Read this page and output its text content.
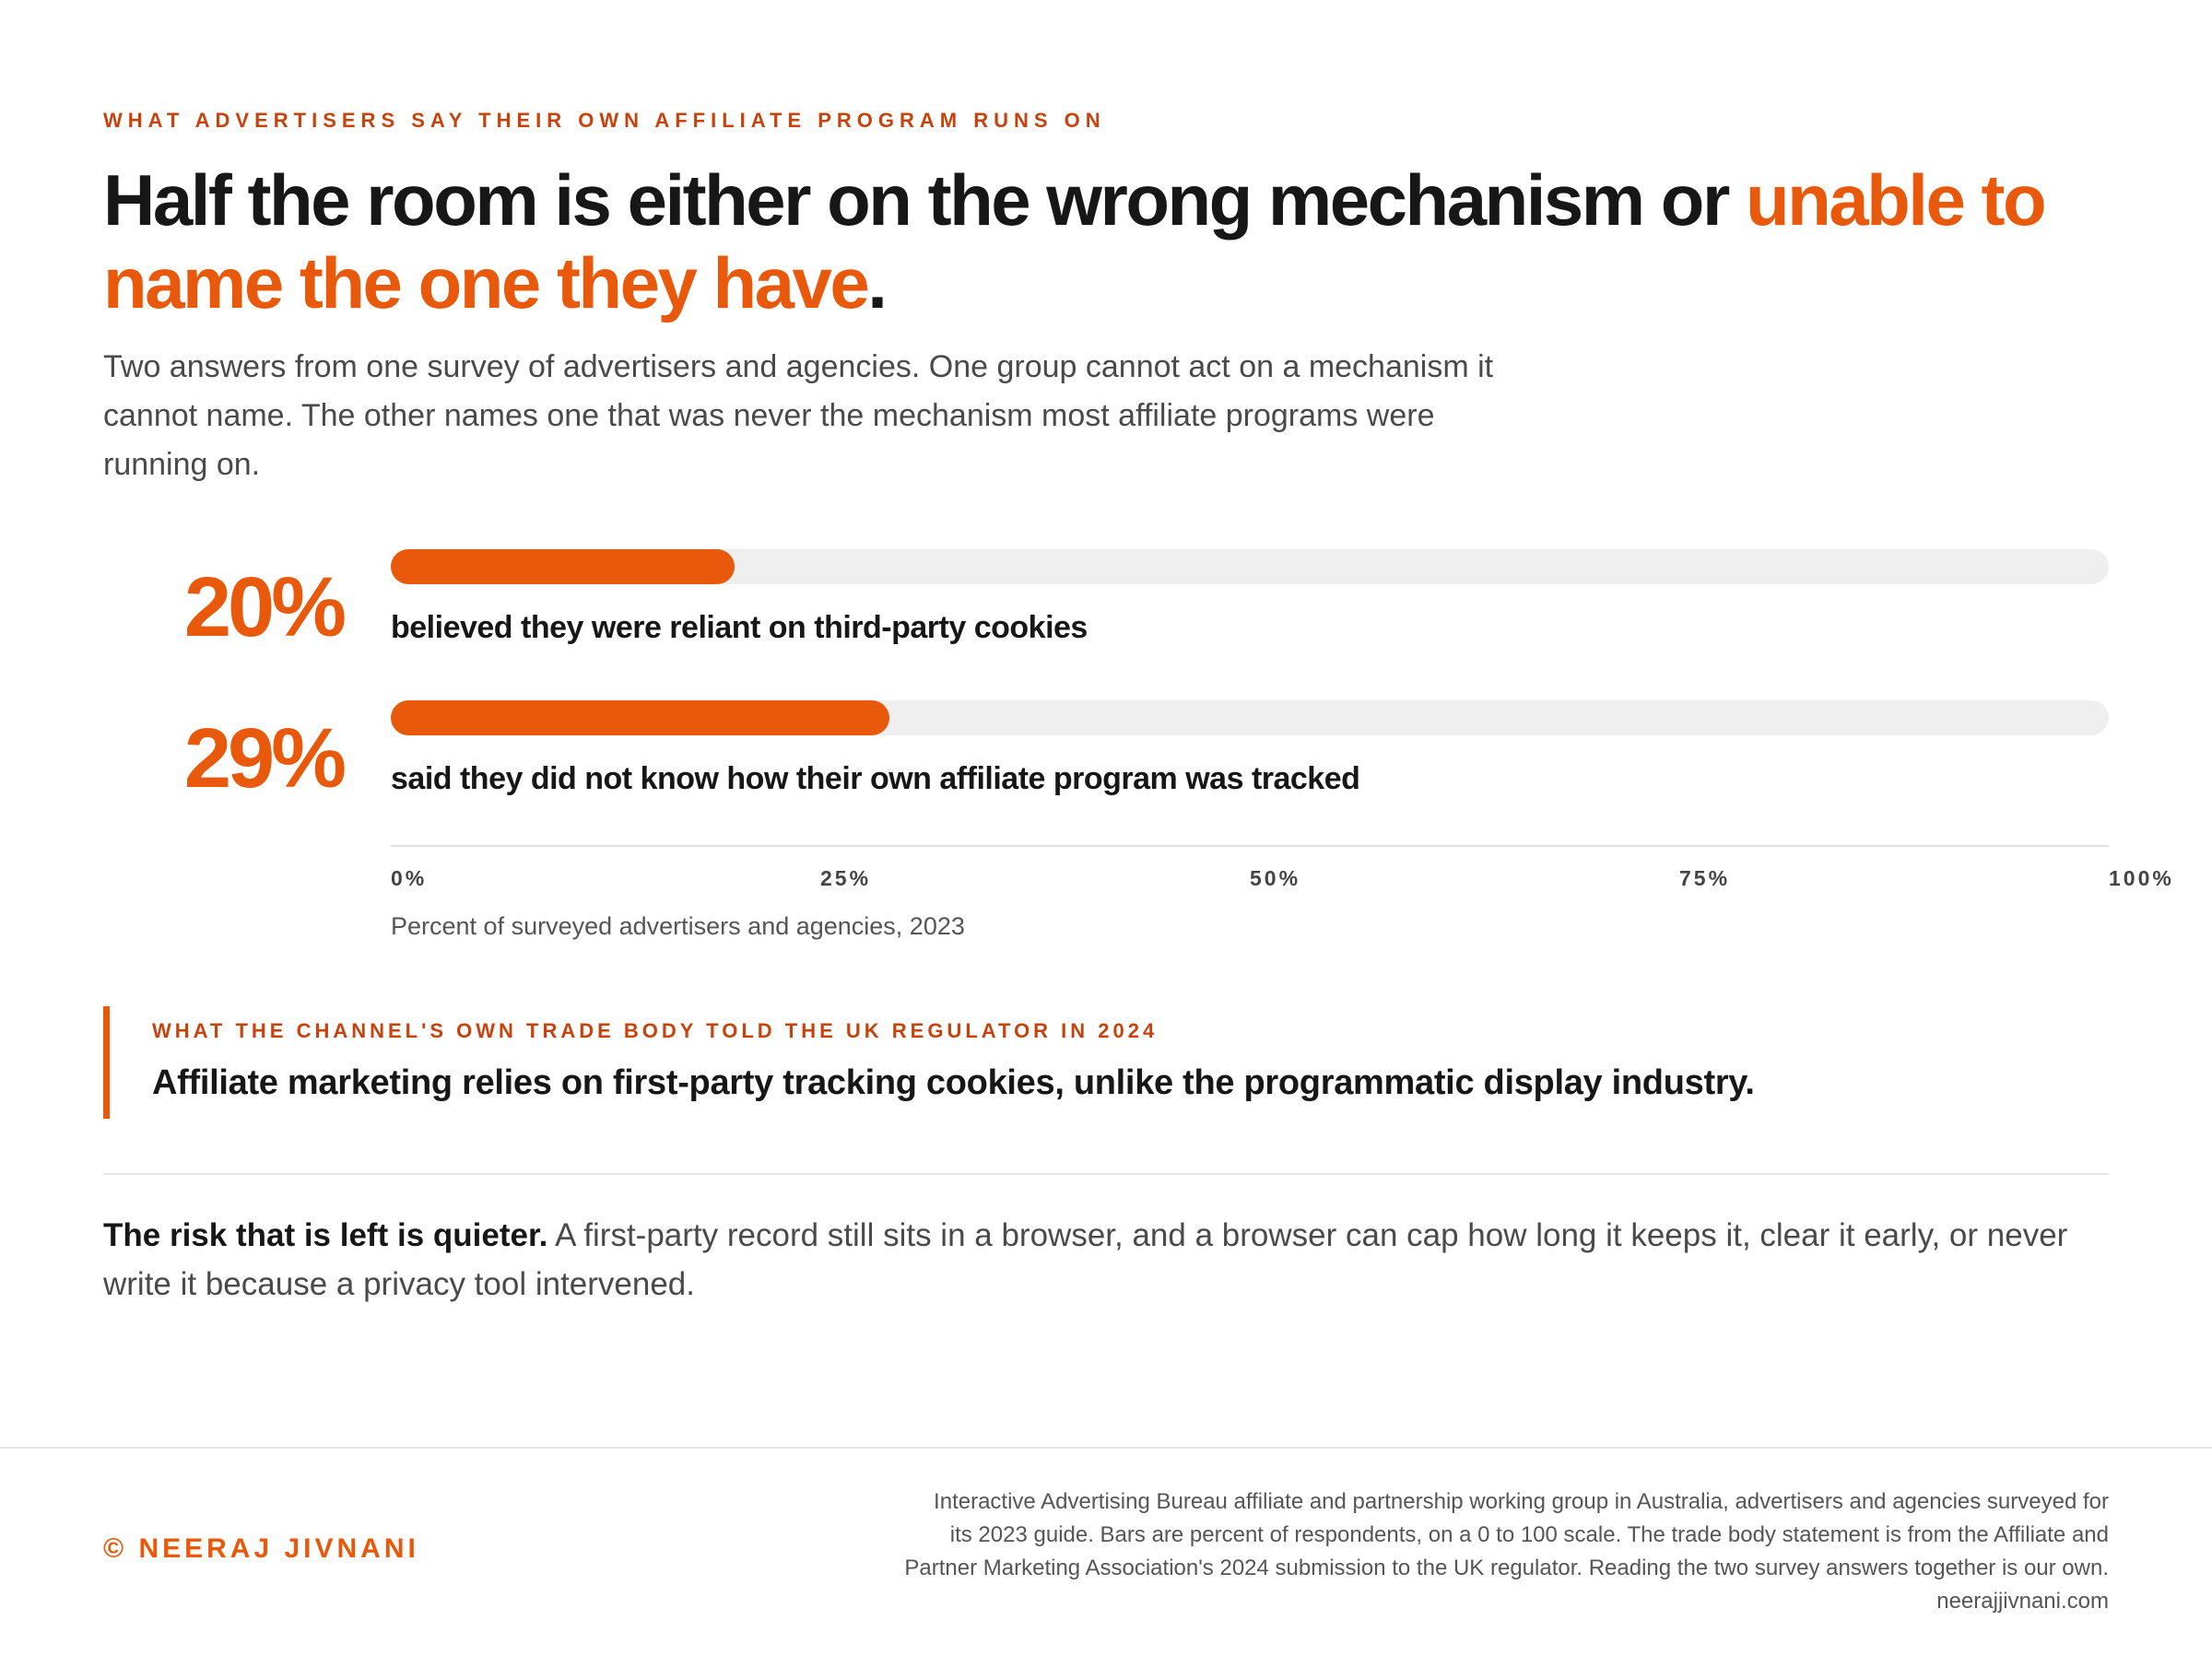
WHAT ADVERTISERS SAY THEIR OWN AFFILIATE PROGRAM RUNS ON
Half the room is either on the wrong mechanism or unable to name the one they have.

Two answers from one survey of advertisers and agencies. One group cannot act on a mechanism it cannot name. The other names one that was never the mechanism most affiliate programs were running on.

20% believed they were reliant on third-party cookies
29% said they did not know how their own affiliate program was tracked
0%	25%	50%	75%	100%
Percent of surveyed advertisers and agencies, 2023
WHAT THE CHANNEL'S OWN TRADE BODY TOLD THE UK REGULATOR IN 2024
Affiliate marketing relies on first-party tracking cookies, unlike the programmatic display industry.

The risk that is left is quieter. A first-party record still sits in a browser, and a browser can cap how long it keeps it, clear it early, or never write it because a privacy tool intervened.

© NEERAJ JIVNANI

Interactive Advertising Bureau affiliate and partnership working group in Australia, advertisers and agencies surveyed for
its 2023 guide. Bars are percent of respondents, on a 0 to 100 scale. The trade body statement is from the Affiliate and
Partner Marketing Association's 2024 submission to the UK regulator. Reading the two survey answers together is our own.
neerajjivnani.com
